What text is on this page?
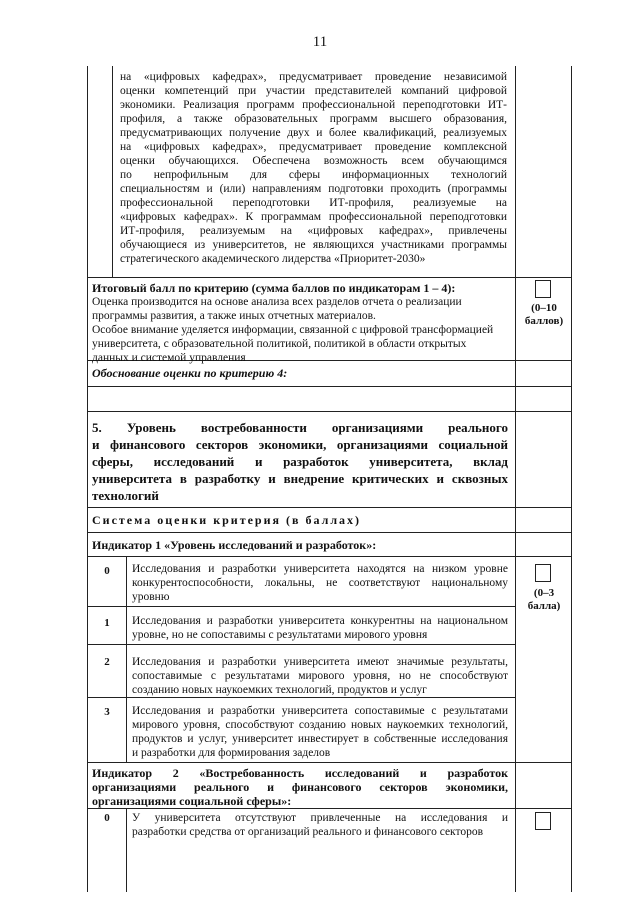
11
на «цифровых кафедрах», предусматривает проведение независимой
оценки компетенций при участии представителей компаний цифровой
экономики. Реализация программ профессиональной переподготовки ИТ-
профиля, а также образовательных программ высшего образования,
предусматривающих получение двух и более квалификаций, реализуемых
на «цифровых кафедрах», предусматривает проведение комплексной
оценки обучающихся. Обеспечена возможность всем обучающимся
по непрофильным для сферы информационных технологий
специальностям и (или) направлениям подготовки проходить (программы
профессиональной переподготовки ИТ-профиля, реализуемые на
«цифровых кафедрах». К программам профессиональной переподготовки
ИТ-профиля, реализуемым на «цифровых кафедрах», привлечены
обучающиеся из университетов, не являющихся участниками программы
стратегического академического лидерства «Приоритет-2030»
Итоговый балл по критерию (сумма баллов по индикаторам 1 – 4):
Оценка производится на основе анализа всех разделов отчета о реализации
программы развития, а также иных отчетных материалов.
Особое внимание уделяется информации, связанной с цифровой трансформацией
университета, с образовательной политикой, политикой в области открытых
данных и системой управления
(0–10
баллов)
Обоснование оценки по критерию 4:
5. Уровень востребованности организациями реального
и финансового секторов экономики, организациями социальной
сферы, исследований и разработок университета, вклад
университета в разработку и внедрение критических и сквозных
технологий
Система оценки критерия (в баллах)
Индикатор 1 «Уровень исследований и разработок»:
0	Исследования и разработки университета находятся на низком уровне
конкурентоспособности, локальны, не соответствуют национальному
уровню	(0–3
балла)
1	Исследования и разработки университета конкурентны на национальном
уровне, но не сопоставимы с результатами мирового уровня
2	Исследования и разработки университета имеют значимые результаты,
сопоставимые с результатами мирового уровня, но не способствуют
созданию новых наукоемких технологий, продуктов и услуг
3	Исследования и разработки университета сопоставимые с результатами
мирового уровня, способствуют созданию новых наукоемких технологий,
продуктов и услуг, университет инвестирует в собственные исследования
и разработки для формирования заделов
Индикатор 2 «Востребованность исследований и разработок
организациями реального и финансового секторов экономики,
организациями социальной сферы»:
0	У университета отсутствуют привлеченные на исследования и
разработки средства от организаций реального и финансового секторов
